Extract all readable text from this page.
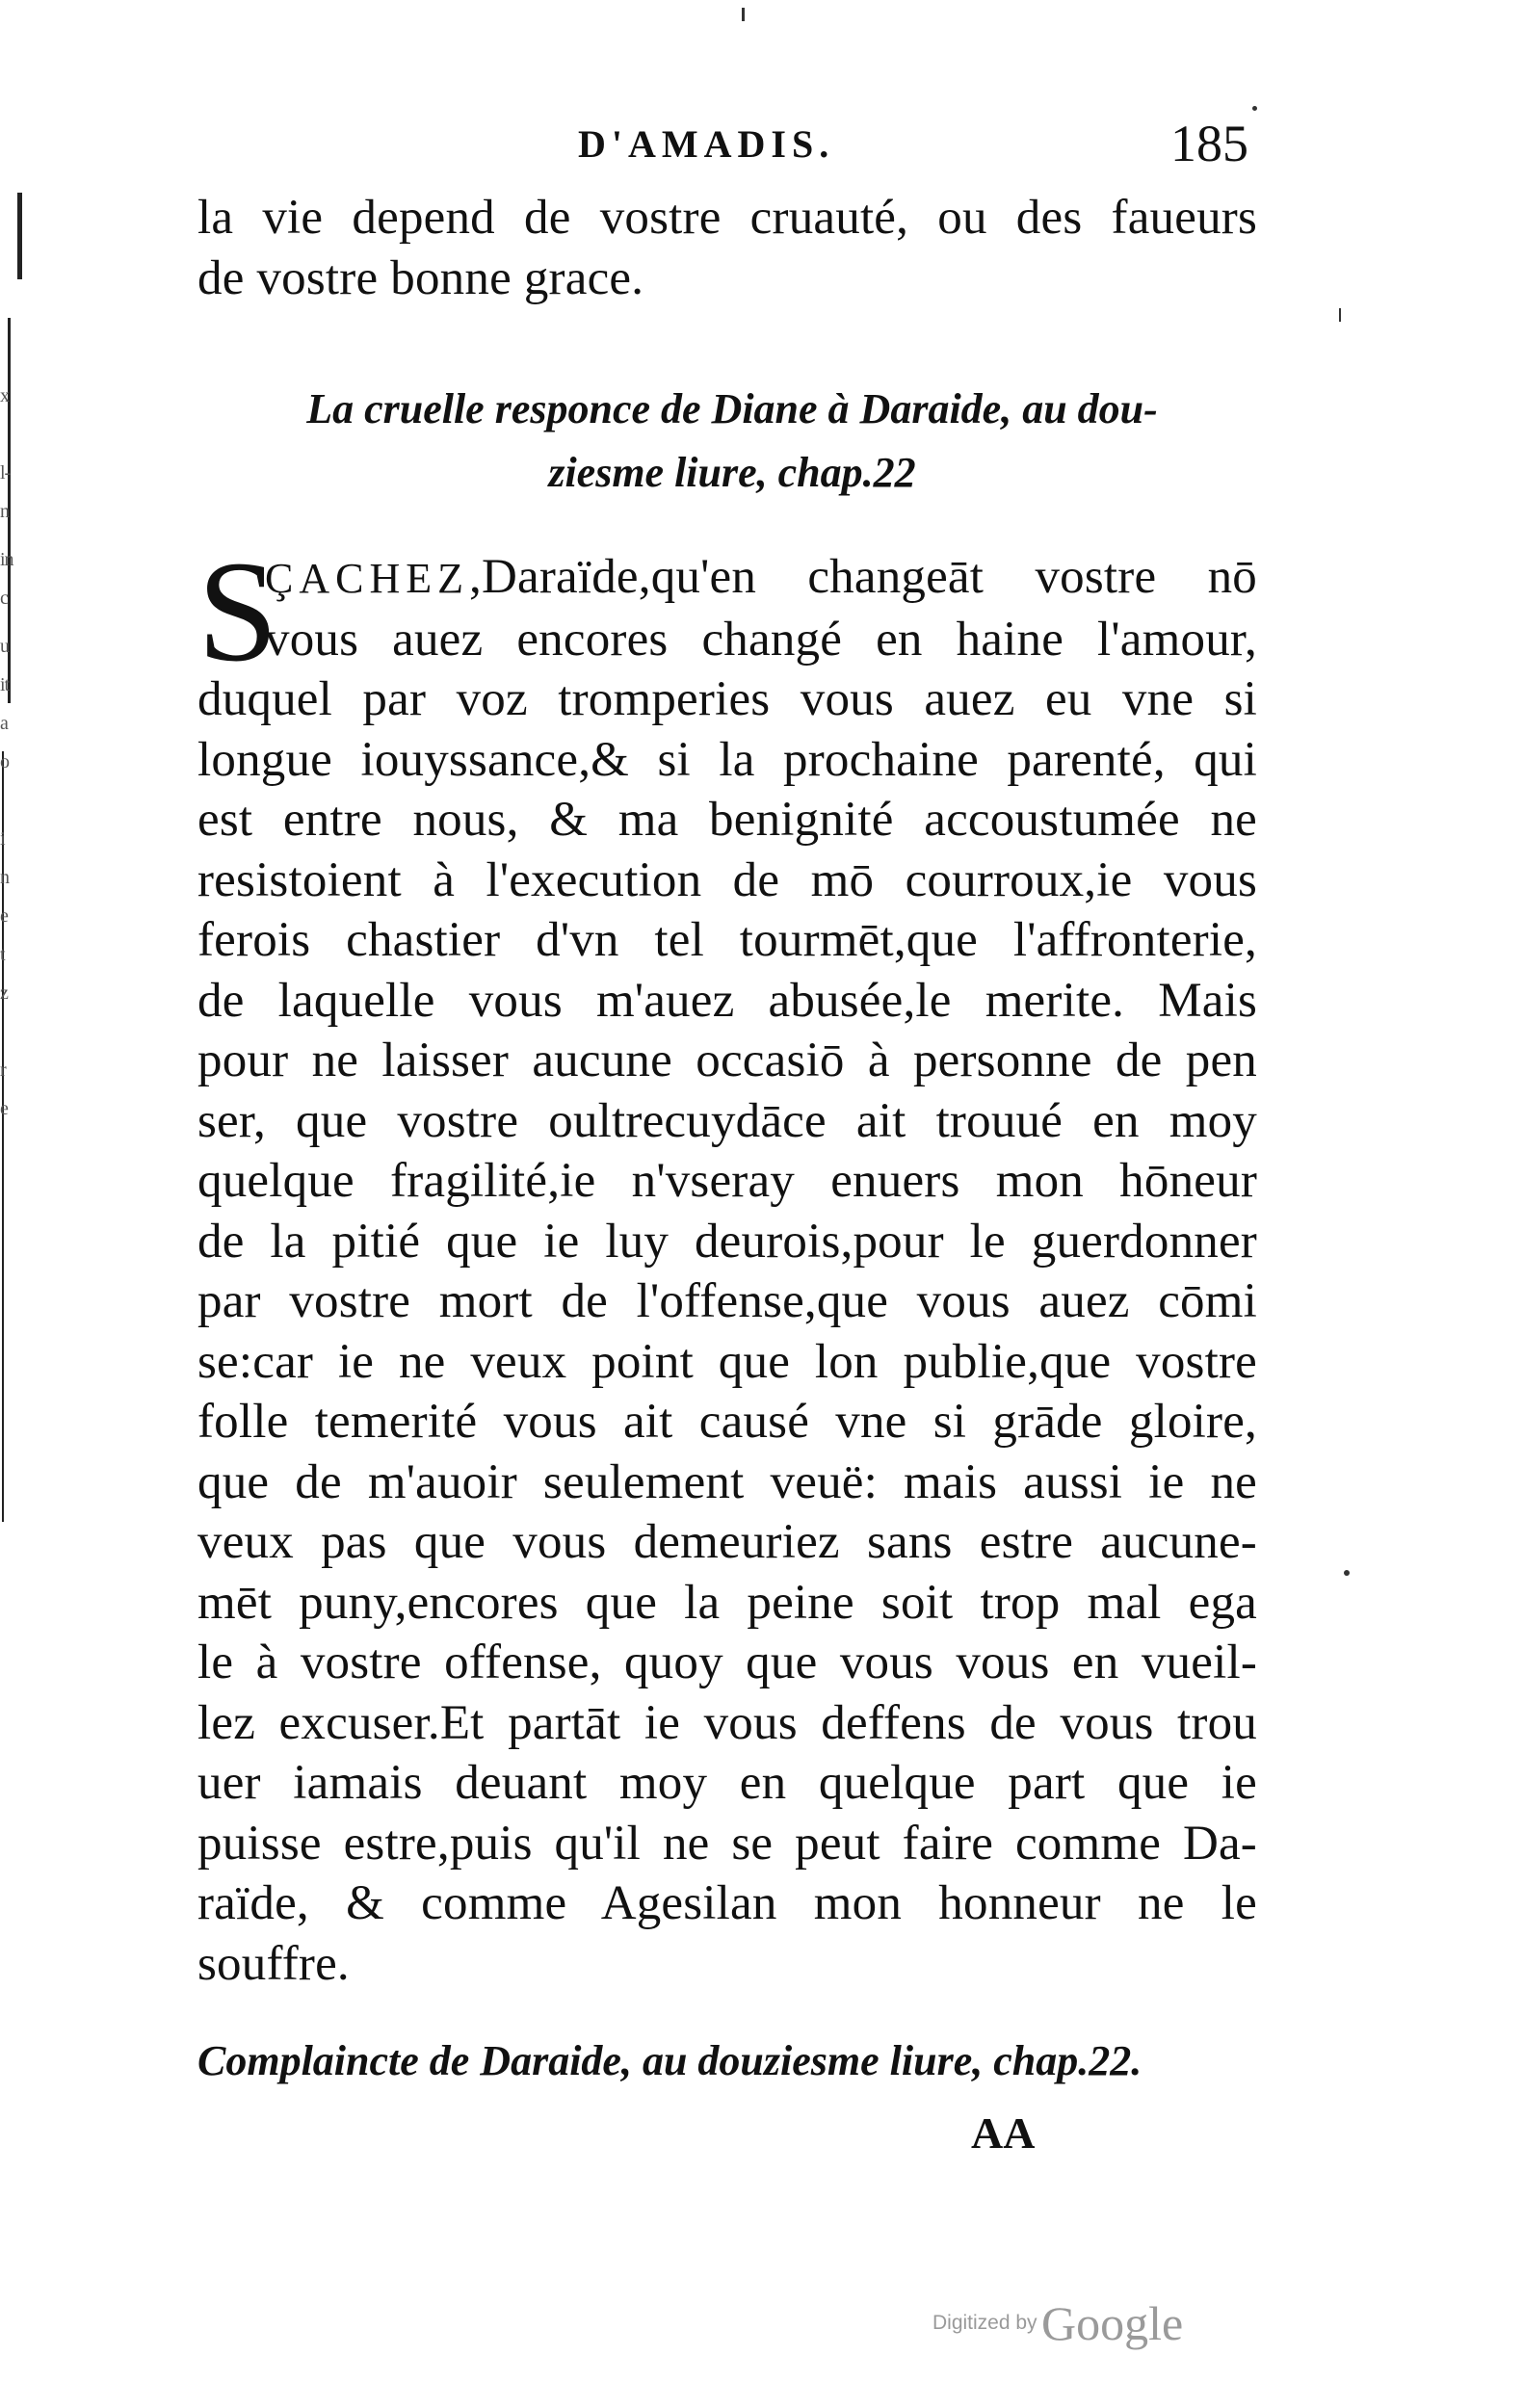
x
l-
n
in
c
u
it
a
o
i
n
e
t
z
r
e
D'AMADIS.	185
la vie depend de vostre cruauté, ou des faueurs
de vostre bonne grace.
La cruelle responce de Diane à Daraide, au dou-
ziesme liure, chap.22
S
ÇACHEZ,Daraïde,qu'en changeāt vostre nō
vous auez encores changé en haine l'amour,
duquel par voz tromperies vous auez eu vne si
longue iouyssance,& si la prochaine parenté, qui
est entre nous, & ma benignité accoustumée ne
resistoient à l'execution de mō courroux,ie vous
ferois chastier d'vn tel tourmēt,que l'affronterie,
de laquelle vous m'auez abusée,le merite. Mais
pour ne laisser aucune occasiō à personne de pen
ser, que vostre oultrecuydāce ait trouué en moy
quelque fragilité,ie n'vseray enuers mon hōneur
de la pitié que ie luy deurois,pour le guerdonner
par vostre mort de l'offense,que vous auez cōmi
se:car ie ne veux point que lon publie,que vostre
folle temerité vous ait causé vne si grāde gloire,
que de m'auoir seulement veuë: mais aussi ie ne
veux pas que vous demeuriez sans estre aucune-
mēt puny,encores que la peine soit trop mal ega
le à vostre offense, quoy que vous vous en vueil-
lez excuser.Et partāt ie vous deffens de vous trou
uer iamais deuant moy en quelque part que ie
puisse estre,puis qu'il ne se peut faire comme Da-
raïde, & comme Agesilan mon honneur ne le
souffre.
Complaincte de Daraide, au douziesme liure, chap.22.
AA
Digitized by Google
